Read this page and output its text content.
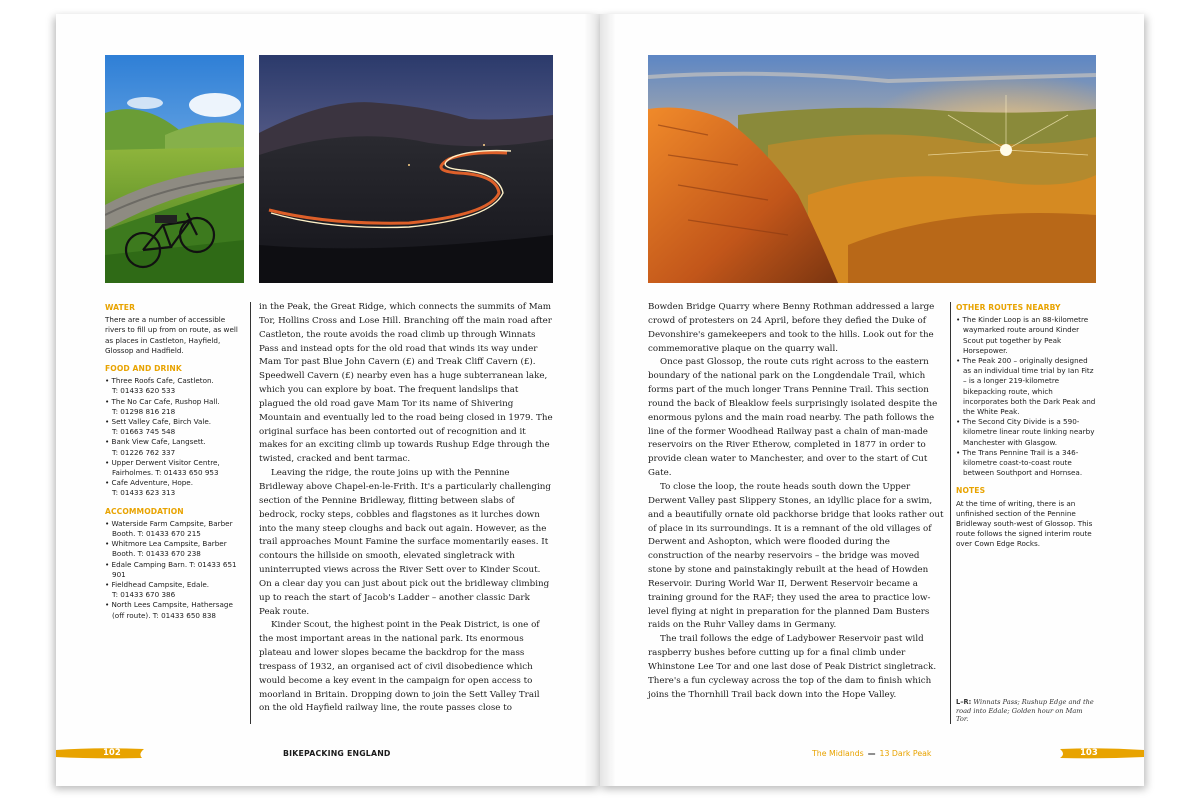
WATER

There are a number of accessible rivers to fill up from on route, as well as places in Castleton, Hayfield, Glossop and Hadfield.

FOOD AND DRINK
• Three Roofs Cafe, Castleton.
T: 01433 620 533
• The No Car Cafe, Rushop Hall.
T: 01298 816 218
• Sett Valley Cafe, Birch Vale.
T: 01663 745 548
• Bank View Cafe, Langsett.
T: 01226 762 337
• Upper Derwent Visitor Centre, Fairholmes. T: 01433 650 953
• Cafe Adventure, Hope.
T: 01433 623 313
ACCOMMODATION
• Waterside Farm Campsite, Barber Booth. T: 01433 670 215
• Whitmore Lea Campsite, Barber Booth. T: 01433 670 238
• Edale Camping Barn. T: 01433 651 901
• Fieldhead Campsite, Edale.
T: 01433 670 386
• North Lees Campsite, Hathersage (off route). T: 01433 650 838

in the Peak, the Great Ridge, which connects the summits of Mam Tor, Hollins Cross and Lose Hill. Branching off the main road after Castleton, the route avoids the road climb up through Winnats Pass and instead opts for the old road that winds its way under Mam Tor past Blue John Cavern (£) and Treak Cliff Cavern (£). Speedwell Cavern (£) nearby even has a huge subterranean lake, which you can explore by boat. The frequent landslips that plagued the old road gave Mam Tor its name of Shivering Mountain and eventually led to the road being closed in 1979. The original surface has been contorted out of recognition and it makes for an exciting climb up towards Rushup Edge through the twisted, cracked and bent tarmac.

Leaving the ridge, the route joins up with the Pennine Bridleway above Chapel-en-le-Frith. It's a particularly challenging section of the Pennine Bridleway, flitting between slabs of bedrock, rocky steps, cobbles and flagstones as it lurches down into the many steep cloughs and back out again. However, as the trail approaches Mount Famine the surface momentarily eases. It contours the hillside on smooth, elevated singletrack with uninterrupted views across the River Sett over to Kinder Scout. On a clear day you can just about pick out the bridleway climbing up to reach the start of Jacob's Ladder – another classic Dark Peak route.

Kinder Scout, the highest point in the Peak District, is one of the most important areas in the national park. Its enormous plateau and lower slopes became the backdrop for the mass trespass of 1932, an organised act of civil disobedience which would become a key event in the campaign for open access to moorland in Britain. Dropping down to join the Sett Valley Trail on the old Hayfield railway line, the route passes close to

102	BIKEPACKING ENGLAND

Bowden Bridge Quarry where Benny Rothman addressed a large crowd of protesters on 24 April, before they defied the Duke of Devonshire's gamekeepers and took to the hills. Look out for the commemorative plaque on the quarry wall.

Once past Glossop, the route cuts right across to the eastern boundary of the national park on the Longdendale Trail, which forms part of the much longer Trans Pennine Trail. This section round the back of Bleaklow feels surprisingly isolated despite the enormous pylons and the main road nearby. The path follows the line of the former Woodhead Railway past a chain of man-made reservoirs on the River Etherow, completed in 1877 in order to provide clean water to Manchester, and over to the start of Cut Gate.

To close the loop, the route heads south down the Upper Derwent Valley past Slippery Stones, an idyllic place for a swim, and a beautifully ornate old packhorse bridge that looks rather out of place in its surroundings. It is a remnant of the old villages of Derwent and Ashopton, which were flooded during the construction of the nearby reservoirs – the bridge was moved stone by stone and painstakingly rebuilt at the head of Howden Reservoir. During World War II, Derwent Reservoir became a training ground for the RAF; they used the area to practice low-level flying at night in preparation for the planned Dam Busters raids on the Ruhr Valley dams in Germany.

The trail follows the edge of Ladybower Reservoir past wild raspberry bushes before cutting up for a final climb under Whinstone Lee Tor and one last dose of Peak District singletrack. There's a fun cycleway across the top of the dam to finish which joins the Thornhill Trail back down into the Hope Valley.

OTHER ROUTES NEARBY
• The Kinder Loop is an 88-kilometre waymarked route around Kinder Scout put together by Peak Horsepower.
• The Peak 200 – originally designed as an individual time trial by Ian Fitz – is a longer 219-kilometre bikepacking route, which incorporates both the Dark Peak and the White Peak.
• The Second City Divide is a 590-kilometre linear route linking nearby Manchester with Glasgow.
• The Trans Pennine Trail is a 346-kilometre coast-to-coast route between Southport and Hornsea.
NOTES

At the time of writing, there is an unfinished section of the Pennine Bridleway south-west of Glossop. This route follows the signed interim route over Cown Edge Rocks.

L–R: Winnats Pass; Rushup Edge and the road into Edale; Golden hour on Mam Tor.
The Midlands — 13 Dark Peak	103
